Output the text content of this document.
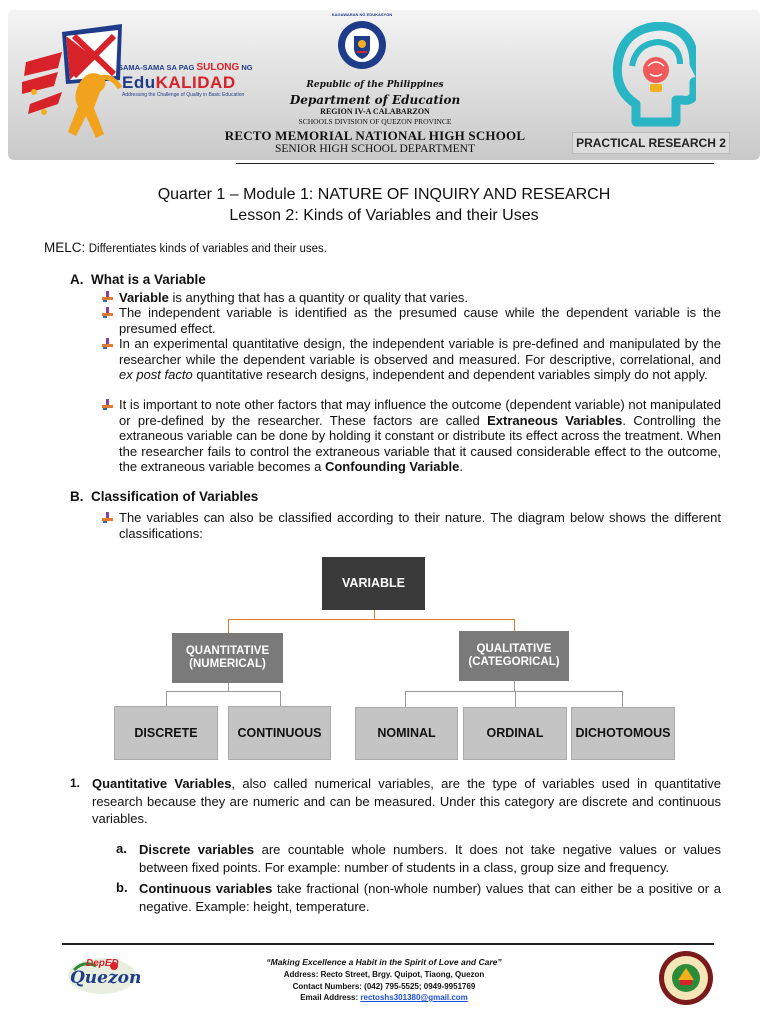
SAMA-SAMA SA PAG SULONG NG
EduKALIDAD
Addressing the Challenge of Quality in Basic Education
KAGAWARAN NG EDUKASYON
Republic of the Philippines
Department of Education
REGION IV-A CALABARZON
SCHOOLS DIVISION OF QUEZON PROVINCE
RECTO MEMORIAL NATIONAL HIGH SCHOOL
SENIOR HIGH SCHOOL DEPARTMENT	PRACTICAL RESEARCH 2
Quarter 1 – Module 1: NATURE OF INQUIRY AND RESEARCH
Lesson 2: Kinds of Variables and their Uses
MELC: Differentiates kinds of variables and their uses.
A.  What is a Variable
Variable is anything that has a quantity or quality that varies.
The independent variable is identified as the presumed cause while the dependent variable is the presumed effect.
In an experimental quantitative design, the independent variable is pre-defined and manipulated by the researcher while the dependent variable is observed and measured. For descriptive, correlational, and ex post facto quantitative research designs, independent and dependent variables simply do not apply.
It is important to note other factors that may influence the outcome (dependent variable) not manipulated or pre-defined by the researcher. These factors are called Extraneous Variables. Controlling the extraneous variable can be done by holding it constant or distribute its effect across the treatment. When the researcher fails to control the extraneous variable that it caused considerable effect to the outcome, the extraneous variable becomes a Confounding Variable.
B.  Classification of Variables
The variables can also be classified according to their nature. The diagram below shows the different classifications:
VARIABLE
QUANTITATIVE
(NUMERICAL)
QUALITATIVE
(CATEGORICAL)
DISCRETE	CONTINUOUS	NOMINAL	ORDINAL	DICHOTOMOUS
1. Quantitative Variables, also called numerical variables, are the type of variables used in quantitative research because they are numeric and can be measured. Under this category are discrete and continuous variables.
a. Discrete variables are countable whole numbers. It does not take negative values or values between fixed points. For example: number of students in a class, group size and frequency.
b. Continuous variables take fractional (non-whole number) values that can either be a positive or a negative. Example: height, temperature.
DepED
Quezon
“Making Excellence a Habit in the Spirit of Love and Care”
Address: Recto Street, Brgy. Quipot, Tiaong, Quezon
Contact Numbers: (042) 795-5525; 0949-9951769
Email Address: rectoshs301380@gmail.com
